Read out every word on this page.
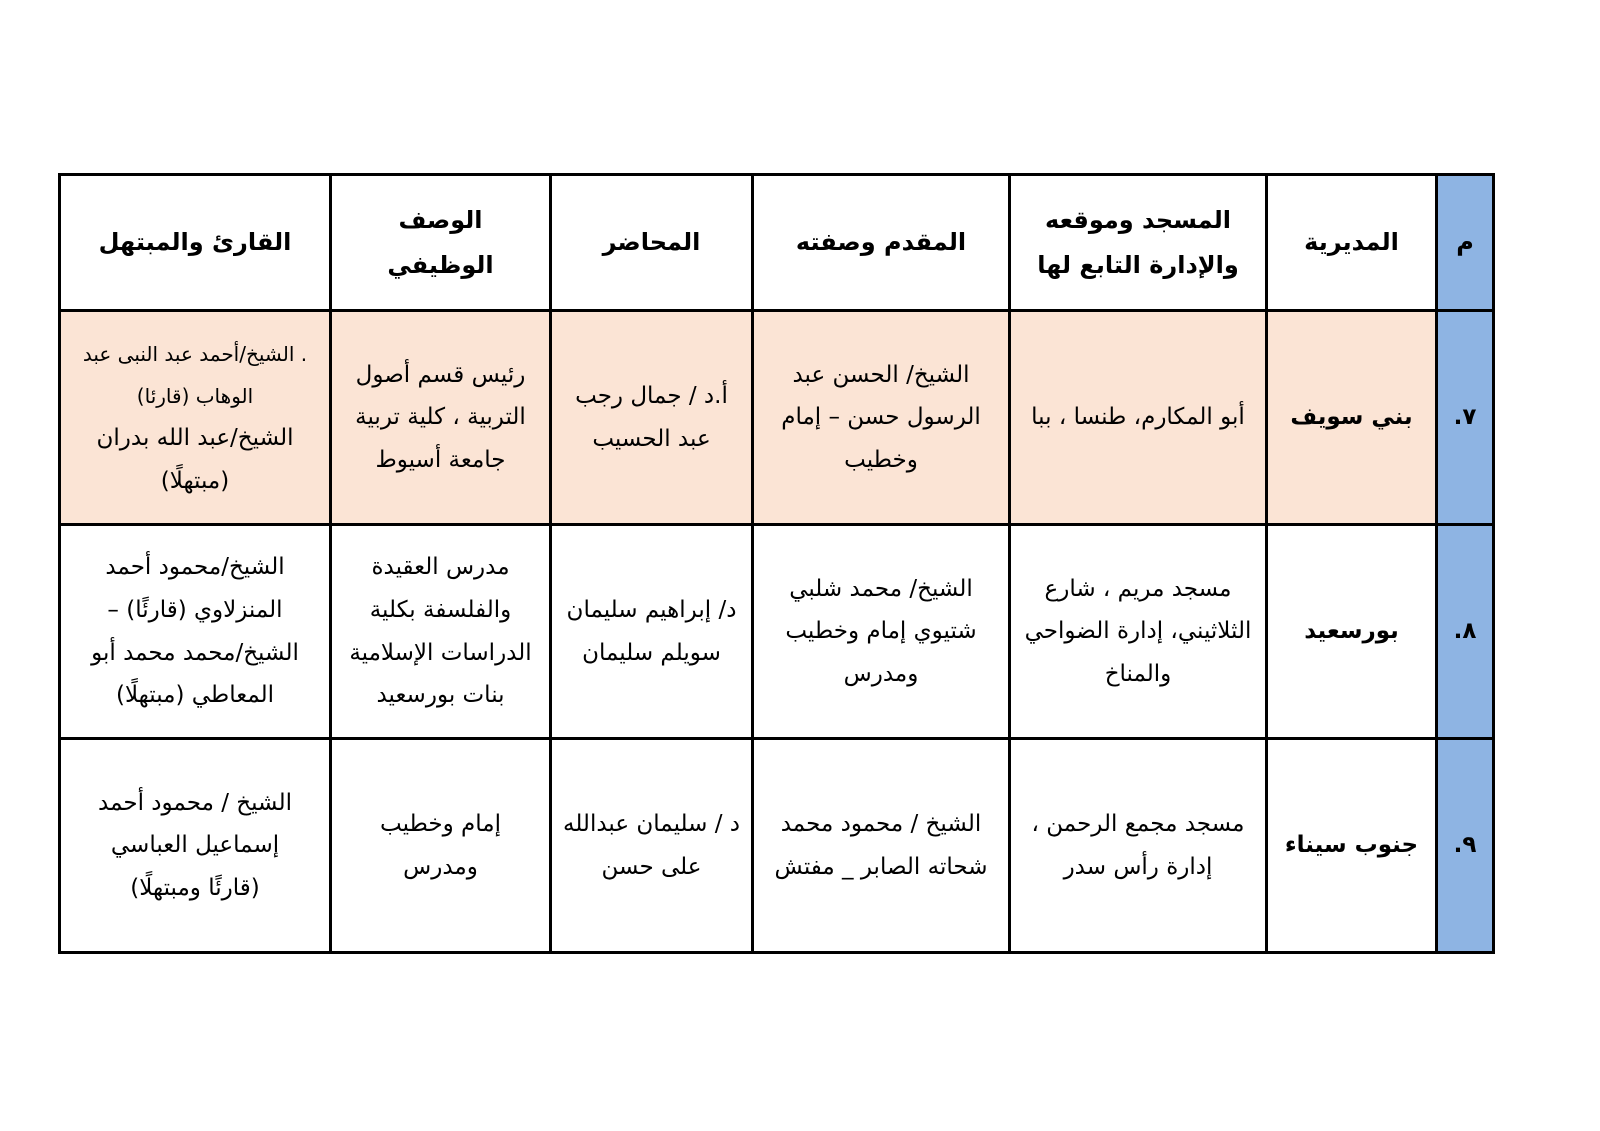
م	المديرية	المسجد وموقعه والإدارة التابع لها	المقدم وصفته	المحاضر	الوصف الوظيفي	القارئ والمبتهل
٧.	بني سويف	أبو المكارم، طنسا ، ببا	الشيخ/ الحسن عبد الرسول حسن – إمام وخطيب	أ.د / جمال رجب عبد الحسيب	رئيس قسم أصول التربية ، كلية تربية جامعة أسيوط	. الشيخ/أحمد عبد النبى عبد الوهاب (قارئا)
الشيخ/عبد الله بدران (مبتهلًا)

٨.	بورسعيد	مسجد مريم ، شارع الثلاثيني، إدارة الضواحي والمناخ	الشيخ/ محمد شلبي شتيوي إمام وخطيب ومدرس	د/ إبراهيم سليمان سويلم سليمان	مدرس العقيدة والفلسفة بكلية الدراسات الإسلامية بنات بورسعيد	الشيخ/محمود أحمد المنزلاوي (قارئًا) –
الشيخ/محمد محمد أبو المعاطي (مبتهلًا)

٩.	جنوب سيناء	مسجد مجمع الرحمن ، إدارة رأس سدر	الشيخ / محمود محمد شحاته الصابر _ مفتش	د / سليمان عبدالله على حسن	إمام وخطيب ومدرس	الشيخ / محمود أحمد إسماعيل العباسي
(قارئًا ومبتهلًا)
